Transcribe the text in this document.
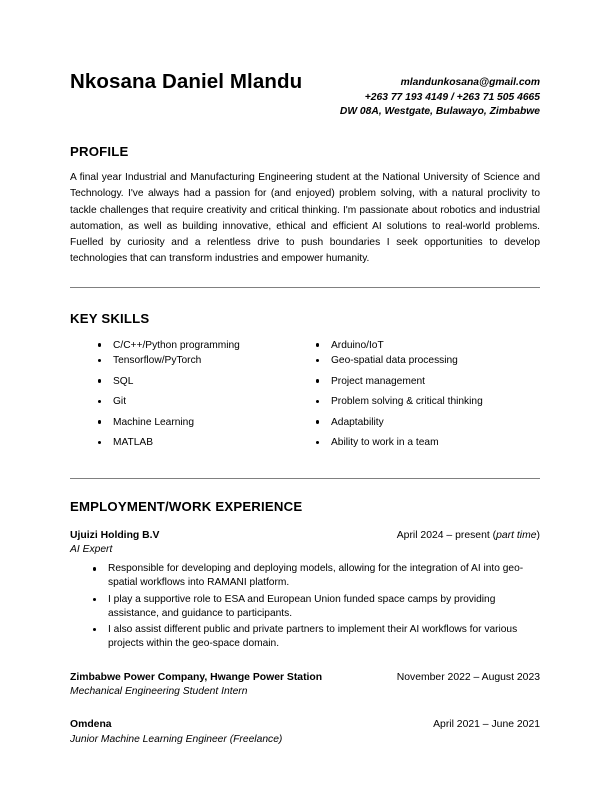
Nkosana Daniel Mlandu	mlandunkosana@gmail.com
+263 77 193 4149 / +263 71 505 4665
DW 08A, Westgate, Bulawayo, Zimbabwe
PROFILE
A final year Industrial and Manufacturing Engineering student at the National University of Science and Technology. I've always had a passion for (and enjoyed) problem solving, with a natural proclivity to tackle challenges that require creativity and critical thinking. I'm passionate about robotics and industrial automation, as well as building innovative, ethical and efficient AI solutions to real-world problems. Fuelled by curiosity and a relentless drive to push boundaries I seek opportunities to develop technologies that can transform industries and empower humanity.
KEY SKILLS
C/C++/Python programming
Tensorflow/PyTorch
SQL
Git
Machine Learning
MATLAB
Arduino/IoT
Geo-spatial data processing
Project management
Problem solving & critical thinking
Adaptability
Ability to work in a team
EMPLOYMENT/WORK EXPERIENCE
Ujuizi Holding B.V	April 2024 – present (part time)
AI Expert
Responsible for developing and deploying models, allowing for the integration of AI into geo-spatial workflows into RAMANI platform.
I play a supportive role to ESA and European Union funded space camps by providing assistance, and guidance to participants.
I also assist different public and private partners to implement their AI workflows for various projects within the geo-space domain.
Zimbabwe Power Company, Hwange Power Station	November 2022 – August 2023
Mechanical Engineering Student Intern
Omdena	April 2021 – June 2021
Junior Machine Learning Engineer (Freelance)
